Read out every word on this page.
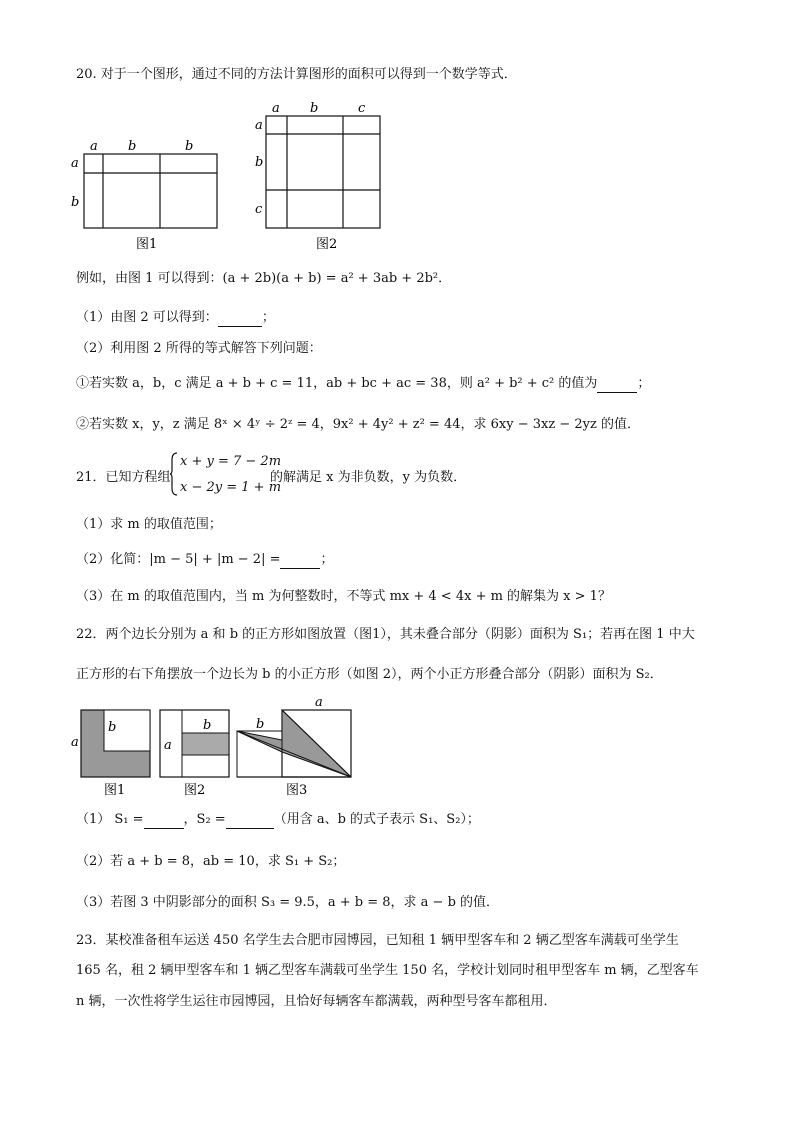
20. 对于一个图形，通过不同的方法计算图形的面积可以得到一个数学等式．
a b	b
a
b
图1
a b	c
a
b
c
图2
例如，由图 1 可以得到：(a + 2b)(a + b) = a² + 3ab + 2b²．
（1）由图 2 可以得到：	；
（2）利用图 2 所得的等式解答下列问题：
①若实数 a，b，c 满足 a + b + c = 11，ab + bc + ac = 38，则 a² + b² + c² 的值为	；
②若实数 x，y，z 满足 8ˣ × 4ʸ ÷ 2ᶻ = 4，9x² + 4y² + z² = 44，求 6xy − 3xz − 2yz 的值．
21．已知方程组
x + y = 7 − 2m
x − 2y = 1 + m
的解满足 x 为非负数，y 为负数．
（1）求 m 的取值范围；
（2）化简：|m − 5| + |m − 2| =	；
（3）在 m 的取值范围内，当 m 为何整数时，不等式 mx + 4 < 4x + m 的解集为 x > 1？
22．两个边长分别为 a 和 b 的正方形如图放置（图1），其未叠合部分（阴影）面积为 S₁；若再在图 1 中大
正方形的右下角摆放一个边长为 b 的小正方形（如图 2），两个小正方形叠合部分（阴影）面积为 S₂．
a
b
图1
a
b
图2
a
b
图3
（1） S₁ =	，S₂ =	（用含 a、b 的式子表示 S₁、S₂）；
（2）若 a + b = 8，ab = 10，求 S₁ + S₂；
（3）若图 3 中阴影部分的面积 S₃ = 9.5，a + b = 8，求 a − b 的值．
23．某校准备租车运送 450 名学生去合肥市园博园，已知租 1 辆甲型客车和 2 辆乙型客车满载可坐学生
165 名，租 2 辆甲型客车和 1 辆乙型客车满载可坐学生 150 名，学校计划同时租甲型客车 m 辆，乙型客车
n 辆，一次性将学生运往市园博园，且恰好每辆客车都满载，两种型号客车都租用．
